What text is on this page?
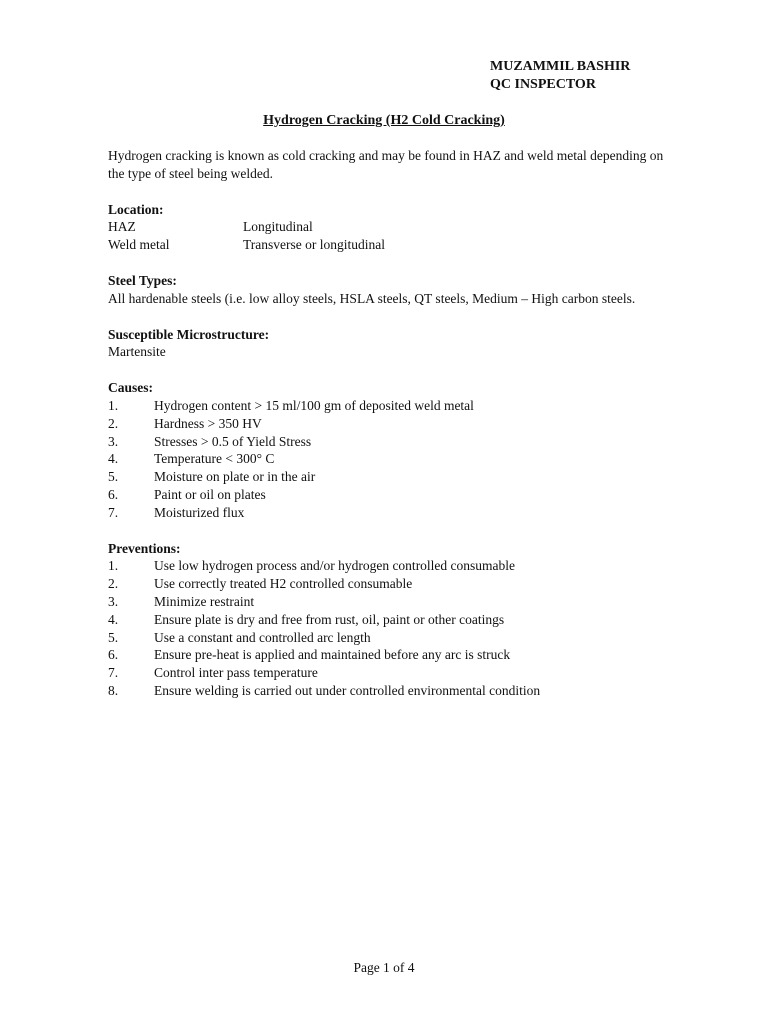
MUZAMMIL BASHIR
QC INSPECTOR
Hydrogen Cracking (H2 Cold Cracking)

Hydrogen cracking is known as cold cracking and may be found in HAZ and weld metal depending on the type of steel being welded.

Location:
HAZ	Longitudinal
Weld metal	Transverse or longitudinal
Steel Types:
All hardenable steels (i.e. low alloy steels, HSLA steels, QT steels, Medium – High carbon steels.
Susceptible Microstructure:
Martensite
Causes:
1.	Hydrogen content > 15 ml/100 gm of deposited weld metal
2.	Hardness > 350 HV
3.	Stresses > 0.5 of Yield Stress
4.	Temperature < 300° C
5.	Moisture on plate or in the air
6.	Paint or oil on plates
7.	Moisturized flux
Preventions:
1.	Use low hydrogen process and/or hydrogen controlled consumable
2.	Use correctly treated H2 controlled consumable
3.	Minimize restraint
4.	Ensure plate is dry and free from rust, oil, paint or other coatings
5.	Use a constant and controlled arc length
6.	Ensure pre-heat is applied and maintained before any arc is struck
7.	Control inter pass temperature
8.	Ensure welding is carried out under controlled environmental condition
Page 1 of 4
